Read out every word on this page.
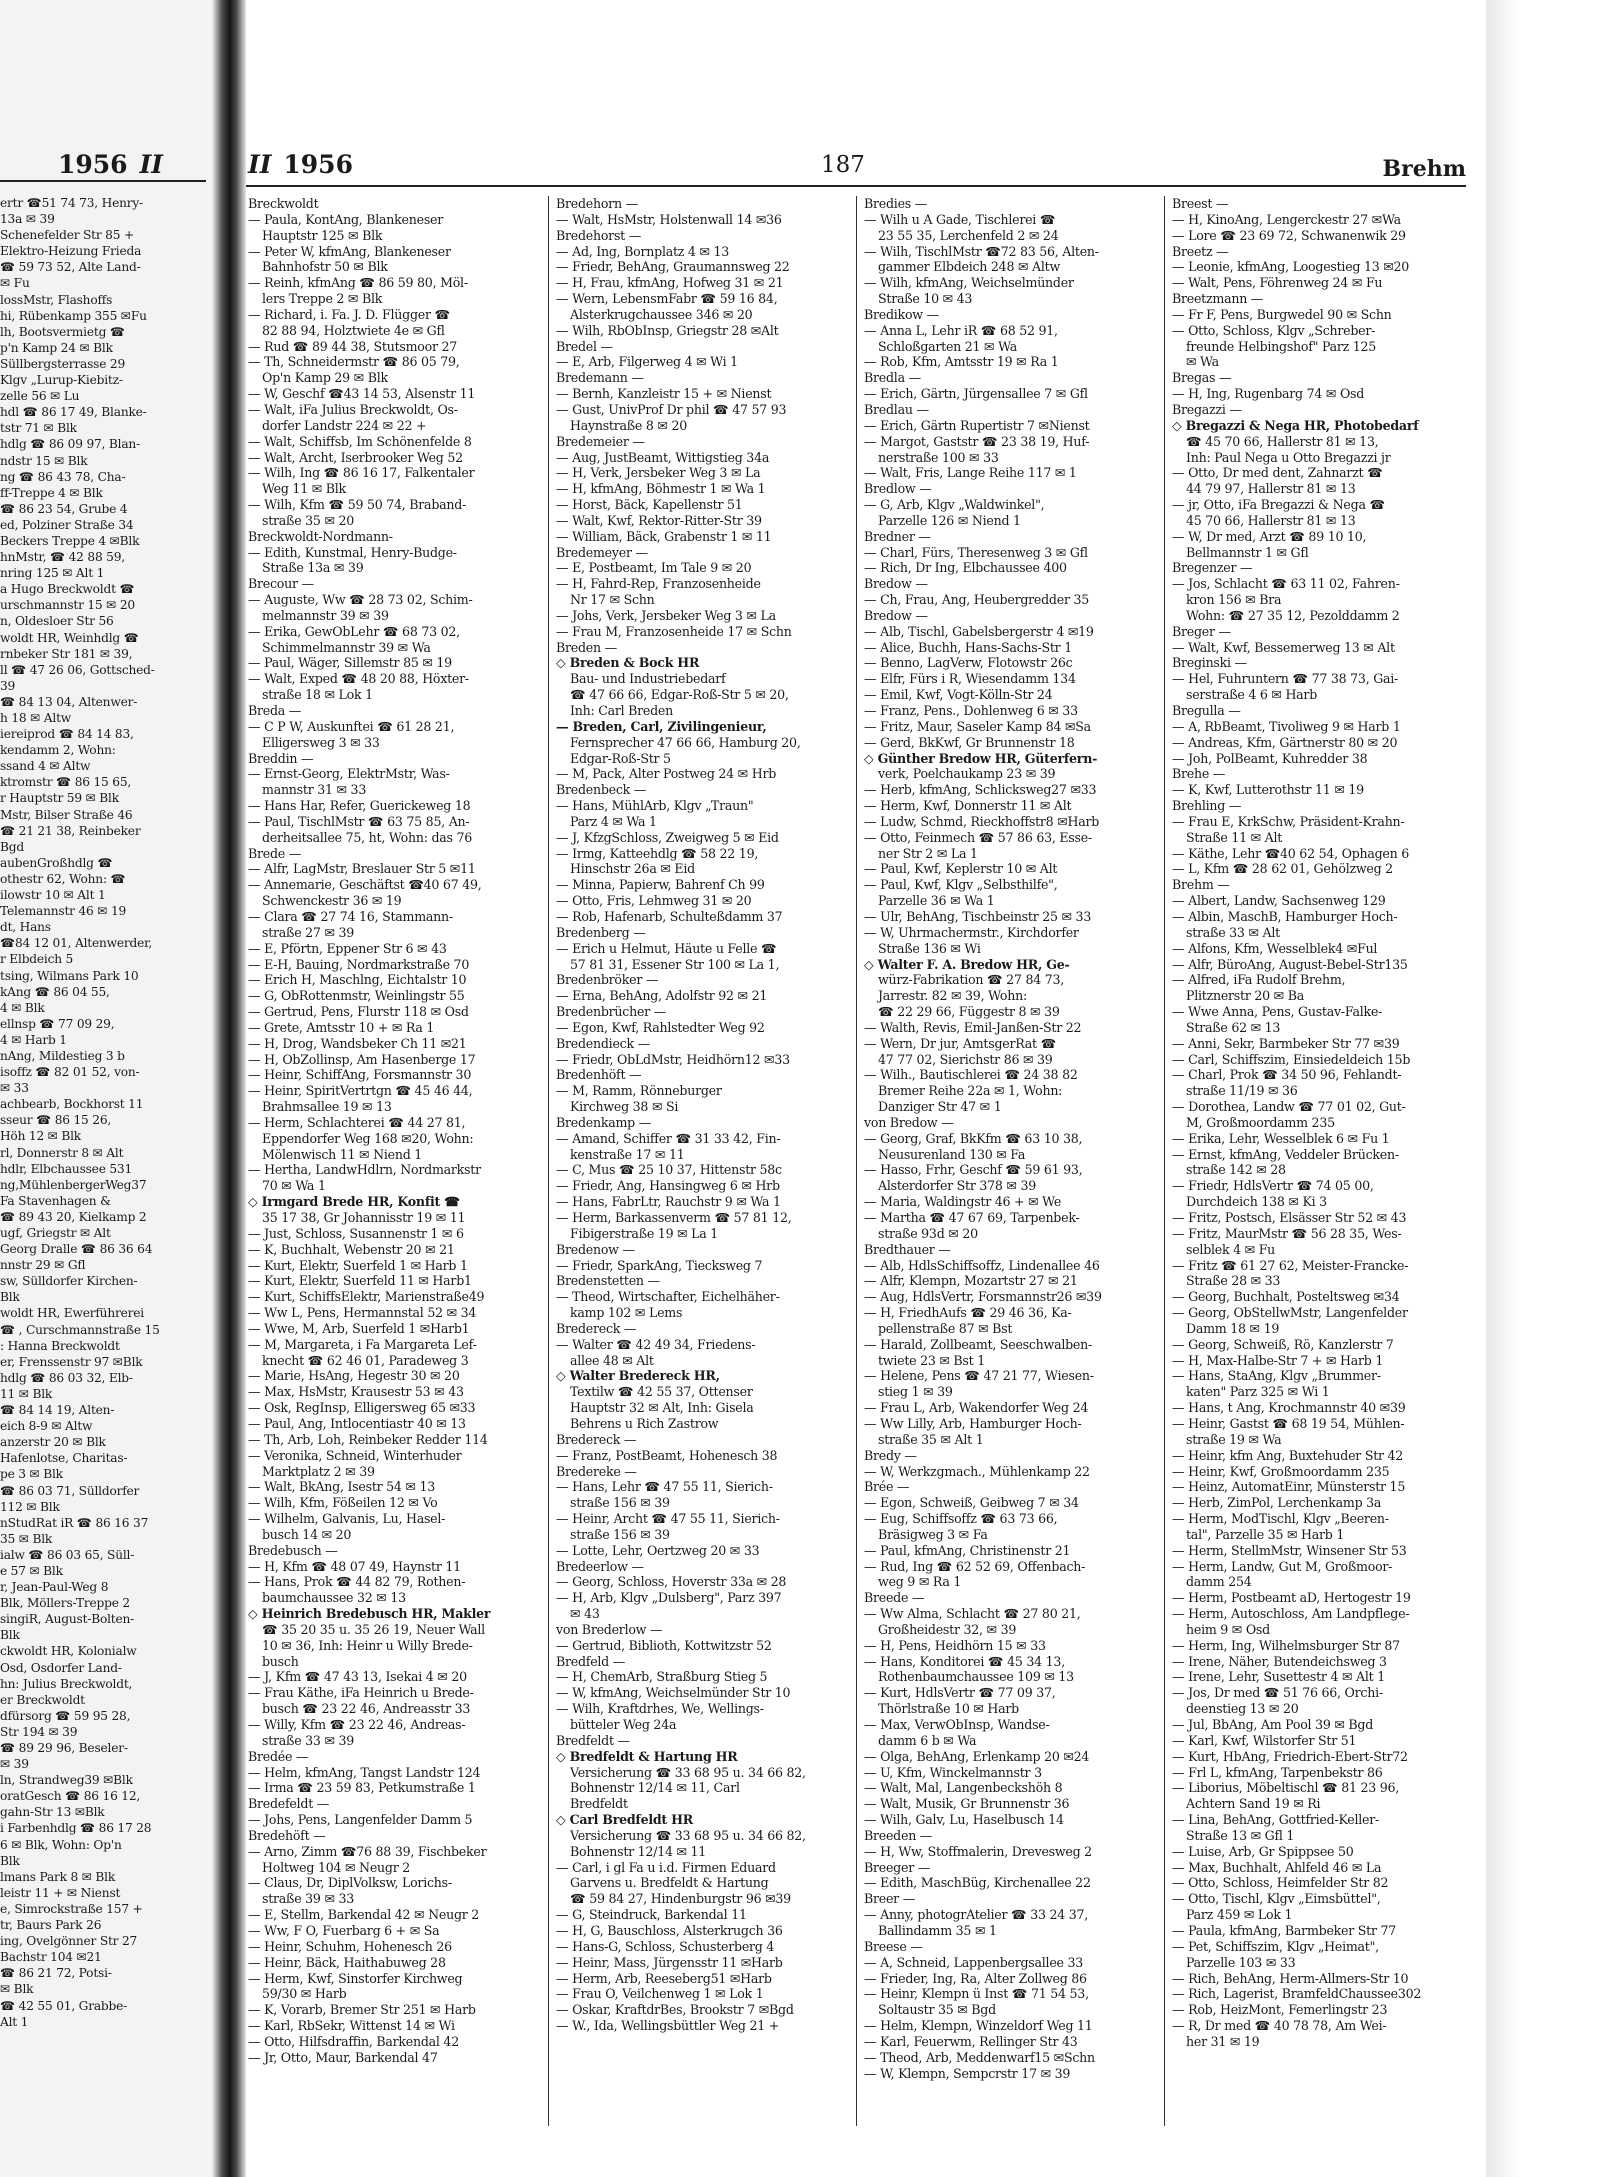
1956 II
ertr ☎51 74 73, Henry-
13a ✉ 39
Schenefelder Str 85 +
Elektro-Heizung Frieda
☎ 59 73 52, Alte Land-
✉ Fu
lossMstr, Flashoffs
hi, Rübenkamp 355 ✉Fu
lh, Bootsvermietg ☎
p'n Kamp 24 ✉ Blk
Süllbergsterrasse 29
Klgv „Lurup-Kiebitz-
zelle 56 ✉ Lu
hdl ☎ 86 17 49, Blanke-
tstr 71 ✉ Blk
hdlg ☎ 86 09 97, Blan-
ndstr 15 ✉ Blk
ng ☎ 86 43 78, Cha-
ff-Treppe 4 ✉ Blk
☎ 86 23 54, Grube 4
ed, Polziner Straße 34
Beckers Treppe 4 ✉Blk
hnMstr, ☎ 42 88 59,
nring 125 ✉ Alt 1
a Hugo Breckwoldt ☎
urschmannstr 15 ✉ 20
n, Oldesloer Str 56
woldt HR, Weinhdlg ☎
rnbeker Str 181 ✉ 39,
ll ☎ 47 26 06, Gottsched-
39
☎ 84 13 04, Altenwer-
h 18 ✉ Altw
iereiprod ☎ 84 14 83,
kendamm 2, Wohn:
ssand 4 ✉ Altw
ktromstr ☎ 86 15 65,
r Hauptstr 59 ✉ Blk
Mstr, Bilser Straße 46
☎ 21 21 38, Reinbeker
Bgd
aubenGroßhdlg ☎
othestr 62, Wohn: ☎
ilowstr 10 ✉ Alt 1
Telemannstr 46 ✉ 19
dt, Hans
☎84 12 01, Altenwerder,
r Elbdeich 5
tsing, Wilmans Park 10
kAng ☎ 86 04 55,
4 ✉ Blk
ellnsp ☎ 77 09 29,
4 ✉ Harb 1
nAng, Mildestieg 3 b
isoffz ☎ 82 01 52, von-
✉ 33
achbearb, Bockhorst 11
sseur ☎ 86 15 26,
Höh 12 ✉ Blk
rl, Donnerstr 8 ✉ Alt
hdlr, Elbchaussee 531
ng,MühlenbergerWeg37
Fa Stavenhagen &
☎ 89 43 20, Kielkamp 2
ugf, Griegstr ✉ Alt
Georg Dralle ☎ 86 36 64
nnstr 29 ✉ Gfl
sw, Sülldorfer Kirchen-
Blk
woldt HR, Ewerführerei
☎ , Curschmannstraße 15
: Hanna Breckwoldt
er, Frenssenstr 97 ✉Blk
hdlg ☎ 86 03 32, Elb-
11 ✉ Blk
☎ 84 14 19, Alten-
eich 8-9 ✉ Altw
anzerstr 20 ✉ Blk
Hafenlotse, Charitas-
pe 3 ✉ Blk
☎ 86 03 71, Sülldorfer
112 ✉ Blk
nStudRat iR ☎ 86 16 37
35 ✉ Blk
ialw ☎ 86 03 65, Süll-
e 57 ✉ Blk
r, Jean-Paul-Weg 8
Blk, Möllers-Treppe 2
singiR, August-Bolten-
Blk
ckwoldt HR, Kolonialw
Osd, Osdorfer Land-
hn: Julius Breckwoldt,
er Breckwoldt
dfürsorg ☎ 59 95 28,
Str 194 ✉ 39
☎ 89 29 96, Beseler-
✉ 39
ln, Strandweg39 ✉Blk
oratGesch ☎ 86 16 12,
gahn-Str 13 ✉Blk
i Farbenhdlg ☎ 86 17 28
6 ✉ Blk, Wohn: Op'n
Blk
lmans Park 8 ✉ Blk
leistr 11 + ✉ Nienst
e, Simrockstraße 157 +
tr, Baurs Park 26
ing, Ovelgönner Str 27
Bachstr 104 ✉21
☎ 86 21 72, Potsi-
✉ Blk
☎ 42 55 01, Grabbe-
Alt 1
II 1956	187	Brehm
Breckwoldt
— Paula, KontAng, Blankeneser
Hauptstr 125 ✉ Blk
— Peter W, kfmAng, Blankeneser
Bahnhofstr 50 ✉ Blk
— Reinh, kfmAng ☎ 86 59 80, Möl-
lers Treppe 2 ✉ Blk
— Richard, i. Fa. J. D. Flügger ☎
82 88 94, Holztwiete 4e ✉ Gfl
— Rud ☎ 89 44 38, Stutsmoor 27
— Th, Schneidermstr ☎ 86 05 79,
Op'n Kamp 29 ✉ Blk
— W, Geschf ☎43 14 53, Alsenstr 11
— Walt, iFa Julius Breckwoldt, Os-
dorfer Landstr 224 ✉ 22 +
— Walt, Schiffsb, Im Schönenfelde 8
— Walt, Archt, Iserbrooker Weg 52
— Wilh, Ing ☎ 86 16 17, Falkentaler
Weg 11 ✉ Blk
— Wilh, Kfm ☎ 59 50 74, Braband-
straße 35 ✉ 20
Breckwoldt-Nordmann-
— Edith, Kunstmal, Henry-Budge-
Straße 13a ✉ 39
Brecour —
— Auguste, Ww ☎ 28 73 02, Schim-
melmannstr 39 ✉ 39
— Erika, GewObLehr ☎ 68 73 02,
Schimmelmannstr 39 ✉ Wa
— Paul, Wäger, Sillemstr 85 ✉ 19
— Walt, Exped ☎ 48 20 88, Höxter-
straße 18 ✉ Lok 1
Breda —
— C P W, Auskunftei ☎ 61 28 21,
Elligersweg 3 ✉ 33
Breddin —
— Ernst-Georg, ElektrMstr, Was-
mannstr 31 ✉ 33
— Hans Har, Refer, Guerickeweg 18
— Paul, TischlMstr ☎ 63 75 85, An-
derheitsallee 75, ht, Wohn: das 76
Brede —
— Alfr, LagMstr, Breslauer Str 5 ✉11
— Annemarie, Geschäftst ☎40 67 49,
Schwenckestr 36 ✉ 19
— Clara ☎ 27 74 16, Stammann-
straße 27 ✉ 39
— E, Pförtn, Eppener Str 6 ✉ 43
— E-H, Bauing, Nordmarkstraße 70
— Erich H, Maschlng, Eichtalstr 10
— G, ObRottenmstr, Weinlingstr 55
— Gertrud, Pens, Flurstr 118 ✉ Osd
— Grete, Amtsstr 10 + ✉ Ra 1
— H, Drog, Wandsbeker Ch 11 ✉21
— H, ObZollinsp, Am Hasenberge 17
— Heinr, SchiffAng, Forsmannstr 30
— Heinr, SpiritVertrtgn ☎ 45 46 44,
Brahmsallee 19 ✉ 13
— Herm, Schlachterei ☎ 44 27 81,
Eppendorfer Weg 168 ✉20, Wohn:
Mölenwisch 11 ✉ Niend 1
— Hertha, LandwHdlrn, Nordmarkstr
70 ✉ Wa 1
◇ Irmgard Brede HR, Konfit ☎
35 17 38, Gr Johannisstr 19 ✉ 11
— Just, Schloss, Susannenstr 1 ✉ 6
— K, Buchhalt, Webenstr 20 ✉ 21
— Kurt, Elektr, Suerfeld 1 ✉ Harb 1
— Kurt, Elektr, Suerfeld 11 ✉ Harb1
— Kurt, SchiffsElektr, Marienstraße49
— Ww L, Pens, Hermannstal 52 ✉ 34
— Wwe, M, Arb, Suerfeld 1 ✉Harb1
— M, Margareta, i Fa Margareta Lef-
knecht ☎ 62 46 01, Paradeweg 3
— Marie, HsAng, Hegestr 30 ✉ 20
— Max, HsMstr, Krausestr 53 ✉ 43
— Osk, RegInsp, Elligersweg 65 ✉33
— Paul, Ang, Intlocentiastr 40 ✉ 13
— Th, Arb, Loh, Reinbeker Redder 114
— Veronika, Schneid, Winterhuder
Marktplatz 2 ✉ 39
— Walt, BkAng, Isestr 54 ✉ 13
— Wilh, Kfm, Fößeilen 12 ✉ Vo
— Wilhelm, Galvanis, Lu, Hasel-
busch 14 ✉ 20
Bredebusch —
— H, Kfm ☎ 48 07 49, Haynstr 11
— Hans, Prok ☎ 44 82 79, Rothen-
baumchaussee 32 ✉ 13
◇ Heinrich Bredebusch HR, Makler
☎ 35 20 35 u. 35 26 19, Neuer Wall
10 ✉ 36, Inh: Heinr u Willy Brede-
busch
— J, Kfm ☎ 47 43 13, Isekai 4 ✉ 20
— Frau Käthe, iFa Heinrich u Brede-
busch ☎ 23 22 46, Andreasstr 33
— Willy, Kfm ☎ 23 22 46, Andreas-
straße 33 ✉ 39
Bredée —
— Helm, kfmAng, Tangst Landstr 124
— Irma ☎ 23 59 83, Petkumstraße 1
Bredefeldt —
— Johs, Pens, Langenfelder Damm 5
Bredehöft —
— Arno, Zimm ☎76 88 39, Fischbeker
Holtweg 104 ✉ Neugr 2
— Claus, Dr, DiplVolksw, Lorichs-
straße 39 ✉ 33
— E, Stellm, Barkendal 42 ✉ Neugr 2
— Ww, F O, Fuerbarg 6 + ✉ Sa
— Heinr, Schuhm, Hohenesch 26
— Heinr, Bäck, Haithabuweg 28
— Herm, Kwf, Sinstorfer Kirchweg
59/30 ✉ Harb
— K, Vorarb, Bremer Str 251 ✉ Harb
— Karl, RbSekr, Wittenst 14 ✉ Wi
— Otto, Hilfsdraffin, Barkendal 42
— Jr, Otto, Maur, Barkendal 47
Bredehorn —
— Walt, HsMstr, Holstenwall 14 ✉36
Bredehorst —
— Ad, Ing, Bornplatz 4 ✉ 13
— Friedr, BehAng, Graumannsweg 22
— H, Frau, kfmAng, Hofweg 31 ✉ 21
— Wern, LebensmFabr ☎ 59 16 84,
Alsterkrugchaussee 346 ✉ 20
— Wilh, RbObInsp, Griegstr 28 ✉Alt
Bredel —
— E, Arb, Filgerweg 4 ✉ Wi 1
Bredemann —
— Bernh, Kanzleistr 15 + ✉ Nienst
— Gust, UnivProf Dr phil ☎ 47 57 93
Haynstraße 8 ✉ 20
Bredemeier —
— Aug, JustBeamt, Wittigstieg 34a
— H, Verk, Jersbeker Weg 3 ✉ La
— H, kfmAng, Böhmestr 1 ✉ Wa 1
— Horst, Bäck, Kapellenstr 51
— Walt, Kwf, Rektor-Ritter-Str 39
— William, Bäck, Grabenstr 1 ✉ 11
Bredemeyer —
— E, Postbeamt, Im Tale 9 ✉ 20
— H, Fahrd-Rep, Franzosenheide
Nr 17 ✉ Schn
— Johs, Verk, Jersbeker Weg 3 ✉ La
— Frau M, Franzosenheide 17 ✉ Schn
Breden —
◇ Breden & Bock HR
Bau- und Industriebedarf
☎ 47 66 66, Edgar-Roß-Str 5 ✉ 20,
Inh: Carl Breden
— Breden, Carl, Zivilingenieur,
Fernsprecher 47 66 66, Hamburg 20,
Edgar-Roß-Str 5
— M, Pack, Alter Postweg 24 ✉ Hrb
Bredenbeck —
— Hans, MühlArb, Klgv „Traun"
Parz 4 ✉ Wa 1
— J, KfzgSchloss, Zweigweg 5 ✉ Eid
— Irmg, Katteehdlg ☎ 58 22 19,
Hinschstr 26a ✉ Eid
— Minna, Papierw, Bahrenf Ch 99
— Otto, Fris, Lehmweg 31 ✉ 20
— Rob, Hafenarb, Schulteßdamm 37
Bredenberg —
— Erich u Helmut, Häute u Felle ☎
57 81 31, Essener Str 100 ✉ La 1,
Bredenbröker —
— Erna, BehAng, Adolfstr 92 ✉ 21
Bredenbrücher —
— Egon, Kwf, Rahlstedter Weg 92
Bredendieck —
— Friedr, ObLdMstr, Heidhörn12 ✉33
Bredenhöft —
— M, Ramm, Rönneburger
Kirchweg 38 ✉ Si
Bredenkamp —
— Amand, Schiffer ☎ 31 33 42, Fin-
kenstraße 17 ✉ 11
— C, Mus ☎ 25 10 37, Hittenstr 58c
— Friedr, Ang, Hansingweg 6 ✉ Hrb
— Hans, FabrLtr, Rauchstr 9 ✉ Wa 1
— Herm, Barkassenverm ☎ 57 81 12,
Fibigerstraße 19 ✉ La 1
Bredenow —
— Friedr, SparkAng, Tiecksweg 7
Bredenstetten —
— Theod, Wirtschafter, Eichelhäher-
kamp 102 ✉ Lems
Bredereck —
— Walter ☎ 42 49 34, Friedens-
allee 48 ✉ Alt
◇ Walter Bredereck HR,
Textilw ☎ 42 55 37, Ottenser
Hauptstr 32 ✉ Alt, Inh: Gisela
Behrens u Rich Zastrow
Bredereck —
— Franz, PostBeamt, Hohenesch 38
Bredereke —
— Hans, Lehr ☎ 47 55 11, Sierich-
straße 156 ✉ 39
— Heinr, Archt ☎ 47 55 11, Sierich-
straße 156 ✉ 39
— Lotte, Lehr, Oertzweg 20 ✉ 33
Bredeerlow —
— Georg, Schloss, Hoverstr 33a ✉ 28
— H, Arb, Klgv „Dulsberg", Parz 397
✉ 43
von Brederlow —
— Gertrud, Biblioth, Kottwitzstr 52
Bredfeld —
— H, ChemArb, Straßburg Stieg 5
— W, kfmAng, Weichselmünder Str 10
— Wilh, Kraftdrhes, We, Wellings-
bütteler Weg 24a
Bredfeldt —
◇ Bredfeldt & Hartung HR
Versicherung ☎ 33 68 95 u. 34 66 82,
Bohnenstr 12/14 ✉ 11, Carl
Bredfeldt
◇ Carl Bredfeldt HR
Versicherung ☎ 33 68 95 u. 34 66 82,
Bohnenstr 12/14 ✉ 11
— Carl, i gl Fa u i.d. Firmen Eduard
Garvens u. Bredfeldt & Hartung
☎ 59 84 27, Hindenburgstr 96 ✉39
— G, Steindruck, Barkendal 11
— H, G, Bauschloss, Alsterkrugch 36
— Hans-G, Schloss, Schusterberg 4
— Heinr, Mass, Jürgensstr 11 ✉Harb
— Herm, Arb, Reeseberg51 ✉Harb
— Frau O, Veilchenweg 1 ✉ Lok 1
— Oskar, KraftdrBes, Brookstr 7 ✉Bgd
— W., Ida, Wellingsbüttler Weg 21 +
Bredies —
— Wilh u A Gade, Tischlerei ☎
23 55 35, Lerchenfeld 2 ✉ 24
— Wilh, TischlMstr ☎72 83 56, Alten-
gammer Elbdeich 248 ✉ Altw
— Wilh, kfmAng, Weichselmünder
Straße 10 ✉ 43
Bredikow —
— Anna L, Lehr iR ☎ 68 52 91,
Schloßgarten 21 ✉ Wa
— Rob, Kfm, Amtsstr 19 ✉ Ra 1
Bredla —
— Erich, Gärtn, Jürgensallee 7 ✉ Gfl
Bredlau —
— Erich, Gärtn Rupertistr 7 ✉Nienst
— Margot, Gaststr ☎ 23 38 19, Huf-
nerstraße 100 ✉ 33
— Walt, Fris, Lange Reihe 117 ✉ 1
Bredlow —
— G, Arb, Klgv „Waldwinkel",
Parzelle 126 ✉ Niend 1
Bredner —
— Charl, Fürs, Theresenweg 3 ✉ Gfl
— Rich, Dr Ing, Elbchaussee 400
Bredow —
— Ch, Frau, Ang, Heubergredder 35
Bredow —
— Alb, Tischl, Gabelsbergerstr 4 ✉19
— Alice, Buchh, Hans-Sachs-Str 1
— Benno, LagVerw, Flotowstr 26c
— Elfr, Fürs i R, Wiesendamm 134
— Emil, Kwf, Vogt-Kölln-Str 24
— Franz, Pens., Dohlenweg 6 ✉ 33
— Fritz, Maur, Saseler Kamp 84 ✉Sa
— Gerd, BkKwf, Gr Brunnenstr 18
◇ Günther Bredow HR, Güterfern-
verk, Poelchaukamp 23 ✉ 39
— Herb, kfmAng, Schlicksweg27 ✉33
— Herm, Kwf, Donnerstr 11 ✉ Alt
— Ludw, Schmd, Rieckhoffstr8 ✉Harb
— Otto, Feinmech ☎ 57 86 63, Esse-
ner Str 2 ✉ La 1
— Paul, Kwf, Keplerstr 10 ✉ Alt
— Paul, Kwf, Klgv „Selbsthilfe",
Parzelle 36 ✉ Wa 1
— Ulr, BehAng, Tischbeinstr 25 ✉ 33
— W, Uhrmachermstr., Kirchdorfer
Straße 136 ✉ Wi
◇ Walter F. A. Bredow HR, Ge-
würz-Fabrikation ☎ 27 84 73,
Jarrestr. 82 ✉ 39, Wohn:
☎ 22 29 66, Függestr 8 ✉ 39
— Walth, Revis, Emil-Janßen-Str 22
— Wern, Dr jur, AmtsgerRat ☎
47 77 02, Sierichstr 86 ✉ 39
— Wilh., Bautischlerei ☎ 24 38 82
Bremer Reihe 22a ✉ 1, Wohn:
Danziger Str 47 ✉ 1
von Bredow —
— Georg, Graf, BkKfm ☎ 63 10 38,
Neusurenland 130 ✉ Fa
— Hasso, Frhr, Geschf ☎ 59 61 93,
Alsterdorfer Str 378 ✉ 39
— Maria, Waldingstr 46 + ✉ We
— Martha ☎ 47 67 69, Tarpenbek-
straße 93d ✉ 20
Bredthauer —
— Alb, HdlsSchiffsoffz, Lindenallee 46
— Alfr, Klempn, Mozartstr 27 ✉ 21
— Aug, HdlsVertr, Forsmannstr26 ✉39
— H, FriedhAufs ☎ 29 46 36, Ka-
pellenstraße 87 ✉ Bst
— Harald, Zollbeamt, Seeschwalben-
twiete 23 ✉ Bst 1
— Helene, Pens ☎ 47 21 77, Wiesen-
stieg 1 ✉ 39
— Frau L, Arb, Wakendorfer Weg 24
— Ww Lilly, Arb, Hamburger Hoch-
straße 35 ✉ Alt 1
Bredy —
— W, Werkzgmach., Mühlenkamp 22
Brée —
— Egon, Schweiß, Geibweg 7 ✉ 34
— Eug, Schiffsoffz ☎ 63 73 66,
Bräsigweg 3 ✉ Fa
— Paul, kfmAng, Christinenstr 21
— Rud, Ing ☎ 62 52 69, Offenbach-
weg 9 ✉ Ra 1
Breede —
— Ww Alma, Schlacht ☎ 27 80 21,
Großheidestr 32, ✉ 39
— H, Pens, Heidhörn 15 ✉ 33
— Hans, Konditorei ☎ 45 34 13,
Rothenbaumchaussee 109 ✉ 13
— Kurt, HdlsVertr ☎ 77 09 37,
Thörlstraße 10 ✉ Harb
— Max, VerwObInsp, Wandse-
damm 6 b ✉ Wa
— Olga, BehAng, Erlenkamp 20 ✉24
— U, Kfm, Winckelmannstr 3
— Walt, Mal, Langenbeckshöh 8
— Walt, Musik, Gr Brunnenstr 36
— Wilh, Galv, Lu, Haselbusch 14
Breeden —
— H, Ww, Stoffmalerin, Drevesweg 2
Breeger —
— Edith, MaschBüg, Kirchenallee 22
Breer —
— Anny, photogrAtelier ☎ 33 24 37,
Ballindamm 35 ✉ 1
Breese —
— A, Schneid, Lappenbergsallee 33
— Frieder, Ing, Ra, Alter Zollweg 86
— Heinr, Klempn ü Inst ☎ 71 54 53,
Soltaustr 35 ✉ Bgd
— Helm, Klempn, Winzeldorf Weg 11
— Karl, Feuerwm, Rellinger Str 43
— Theod, Arb, Meddenwarf15 ✉Schn
— W, Klempn, Sempcrstr 17 ✉ 39
Breest —
— H, KinoAng, Lengerckestr 27 ✉Wa
— Lore ☎ 23 69 72, Schwanenwik 29
Breetz —
— Leonie, kfmAng, Loogestieg 13 ✉20
— Walt, Pens, Föhrenweg 24 ✉ Fu
Breetzmann —
— Fr F, Pens, Burgwedel 90 ✉ Schn
— Otto, Schloss, Klgv „Schreber-
freunde Helbingshof" Parz 125
✉ Wa
Bregas —
— H, Ing, Rugenbarg 74 ✉ Osd
Bregazzi —
◇ Bregazzi & Nega HR, Photobedarf
☎ 45 70 66, Hallerstr 81 ✉ 13,
Inh: Paul Nega u Otto Bregazzi jr
— Otto, Dr med dent, Zahnarzt ☎
44 79 97, Hallerstr 81 ✉ 13
— jr, Otto, iFa Bregazzi & Nega ☎
45 70 66, Hallerstr 81 ✉ 13
— W, Dr med, Arzt ☎ 89 10 10,
Bellmannstr 1 ✉ Gfl
Bregenzer —
— Jos, Schlacht ☎ 63 11 02, Fahren-
kron 156 ✉ Bra
Wohn: ☎ 27 35 12, Pezolddamm 2
Breger —
— Walt, Kwf, Bessemerweg 13 ✉ Alt
Breginski —
— Hel, Fuhruntern ☎ 77 38 73, Gai-
serstraße 4 6 ✉ Harb
Bregulla —
— A, RbBeamt, Tivoliweg 9 ✉ Harb 1
— Andreas, Kfm, Gärtnerstr 80 ✉ 20
— Joh, PolBeamt, Kuhredder 38
Brehe —
— K, Kwf, Lutterothstr 11 ✉ 19
Brehling —
— Frau E, KrkSchw, Präsident-Krahn-
Straße 11 ✉ Alt
— Käthe, Lehr ☎40 62 54, Ophagen 6
— L, Kfm ☎ 28 62 01, Gehölzweg 2
Brehm —
— Albert, Landw, Sachsenweg 129
— Albin, MaschB, Hamburger Hoch-
straße 33 ✉ Alt
— Alfons, Kfm, Wesselblek4 ✉Ful
— Alfr, BüroAng, August-Bebel-Str135
— Alfred, iFa Rudolf Brehm,
Plitznerstr 20 ✉ Ba
— Wwe Anna, Pens, Gustav-Falke-
Straße 62 ✉ 13
— Anni, Sekr, Barmbeker Str 77 ✉39
— Carl, Schiffszim, Einsiedeldeich 15b
— Charl, Prok ☎ 34 50 96, Fehlandt-
straße 11/19 ✉ 36
— Dorothea, Landw ☎ 77 01 02, Gut-
M, Großmoordamm 235
— Erika, Lehr, Wesselblek 6 ✉ Fu 1
— Ernst, kfmAng, Veddeler Brücken-
straße 142 ✉ 28
— Friedr, HdlsVertr ☎ 74 05 00,
Durchdeich 138 ✉ Ki 3
— Fritz, Postsch, Elsässer Str 52 ✉ 43
— Fritz, MaurMstr ☎ 56 28 35, Wes-
selblek 4 ✉ Fu
— Fritz ☎ 61 27 62, Meister-Francke-
Straße 28 ✉ 33
— Georg, Buchhalt, Posteltsweg ✉34
— Georg, ObStellwMstr, Langenfelder
Damm 18 ✉ 19
— Georg, Schweiß, Rö, Kanzlerstr 7
— H, Max-Halbe-Str 7 + ✉ Harb 1
— Hans, StaAng, Klgv „Brummer-
katen" Parz 325 ✉ Wi 1
— Hans, t Ang, Krochmannstr 40 ✉39
— Heinr, Gastst ☎ 68 19 54, Mühlen-
straße 19 ✉ Wa
— Heinr, kfm Ang, Buxtehuder Str 42
— Heinr, Kwf, Großmoordamm 235
— Heinz, AutomatEinr, Münsterstr 15
— Herb, ZimPol, Lerchenkamp 3a
— Herm, ModTischl, Klgv „Beeren-
tal", Parzelle 35 ✉ Harb 1
— Herm, StellmMstr, Winsener Str 53
— Herm, Landw, Gut M, Großmoor-
damm 254
— Herm, Postbeamt aD, Hertogestr 19
— Herm, Autoschloss, Am Landpflege-
heim 9 ✉ Osd
— Herm, Ing, Wilhelmsburger Str 87
— Irene, Näher, Butendeichsweg 3
— Irene, Lehr, Susettestr 4 ✉ Alt 1
— Jos, Dr med ☎ 51 76 66, Orchi-
deenstieg 13 ✉ 20
— Jul, BbAng, Am Pool 39 ✉ Bgd
— Karl, Kwf, Wilstorfer Str 51
— Kurt, HbAng, Friedrich-Ebert-Str72
— Frl L, kfmAng, Tarpenbekstr 86
— Liborius, Möbeltischl ☎ 81 23 96,
Achtern Sand 19 ✉ Ri
— Lina, BehAng, Gottfried-Keller-
Straße 13 ✉ Gfl 1
— Luise, Arb, Gr Spippsee 50
— Max, Buchhalt, Ahlfeld 46 ✉ La
— Otto, Schloss, Heimfelder Str 82
— Otto, Tischl, Klgv „Eimsbüttel",
Parz 459 ✉ Lok 1
— Paula, kfmAng, Barmbeker Str 77
— Pet, Schiffszim, Klgv „Heimat",
Parzelle 103 ✉ 33
— Rich, BehAng, Herm-Allmers-Str 10
— Rich, Lagerist, BramfeldChaussee302
— Rob, HeizMont, Femerlingstr 23
— R, Dr med ☎ 40 78 78, Am Wei-
her 31 ✉ 19
